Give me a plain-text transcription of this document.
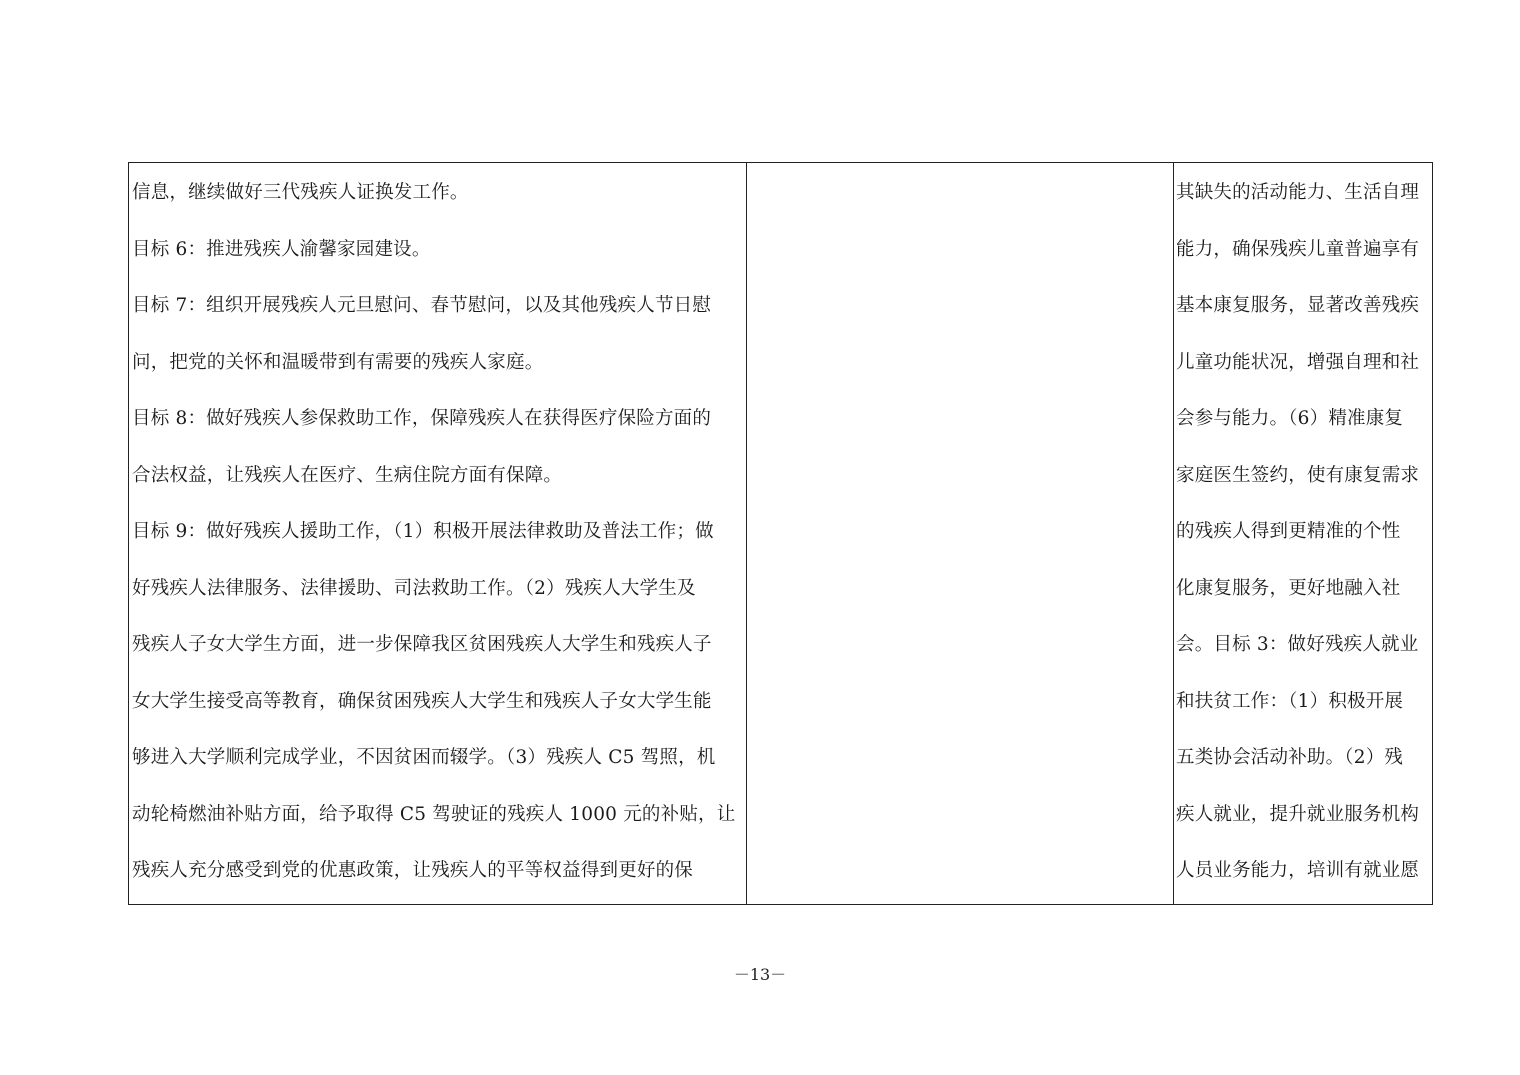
信息，继续做好三代残疾人证换发工作。
目标 6：推进残疾人渝馨家园建设。
目标 7：组织开展残疾人元旦慰问、春节慰问，以及其他残疾人节日慰
问，把党的关怀和温暖带到有需要的残疾人家庭。
目标 8：做好残疾人参保救助工作，保障残疾人在获得医疗保险方面的
合法权益，让残疾人在医疗、生病住院方面有保障。
目标 9：做好残疾人援助工作，（1）积极开展法律救助及普法工作；做
好残疾人法律服务、法律援助、司法救助工作。（2）残疾人大学生及
残疾人子女大学生方面，进一步保障我区贫困残疾人大学生和残疾人子
女大学生接受高等教育，确保贫困残疾人大学生和残疾人子女大学生能
够进入大学顺利完成学业，不因贫困而辍学。（3）残疾人 C5 驾照，机
动轮椅燃油补贴方面，给予取得 C5 驾驶证的残疾人 1000 元的补贴，让
残疾人充分感受到党的优惠政策，让残疾人的平等权益得到更好的保
其缺失的活动能力、生活自理
能力，确保残疾儿童普遍享有
基本康复服务，显著改善残疾
儿童功能状况，增强自理和社
会参与能力。（6）精准康复
家庭医生签约，使有康复需求
的残疾人得到更精准的个性
化康复服务，更好地融入社
会。目标 3：做好残疾人就业
和扶贫工作：（1）积极开展
五类协会活动补助。（2）残
疾人就业，提升就业服务机构
人员业务能力，培训有就业愿
－13－
